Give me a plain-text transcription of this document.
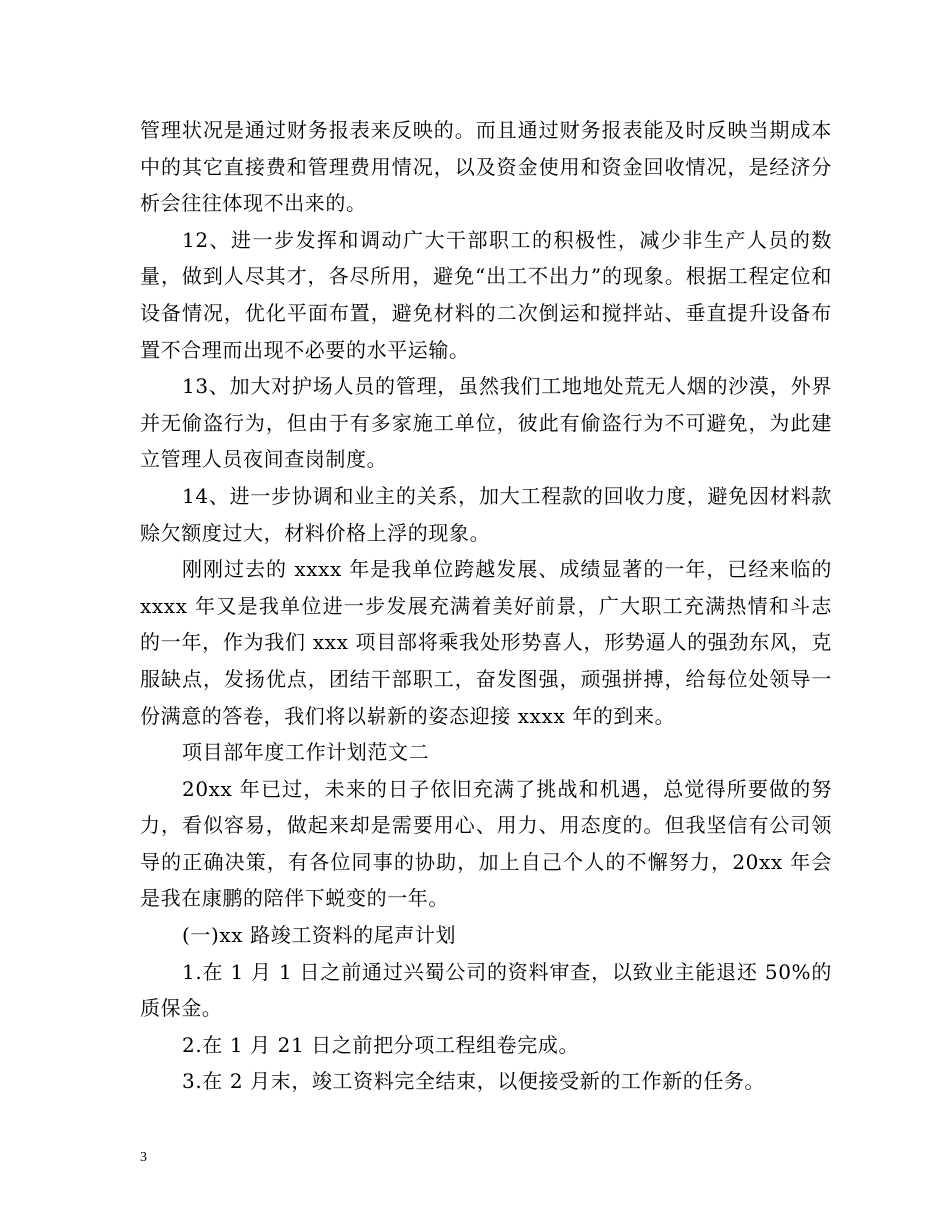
管理状况是通过财务报表来反映的。而且通过财务报表能及时反映当期成本中的其它直接费和管理费用情况，以及资金使用和资金回收情况，是经济分析会往往体现不出来的。

12、进一步发挥和调动广大干部职工的积极性，减少非生产人员的数量，做到人尽其才，各尽所用，避免“出工不出力”的现象。根据工程定位和设备情况，优化平面布置，避免材料的二次倒运和搅拌站、垂直提升设备布置不合理而出现不必要的水平运输。

13、加大对护场人员的管理，虽然我们工地地处荒无人烟的沙漠，外界并无偷盗行为，但由于有多家施工单位，彼此有偷盗行为不可避免，为此建立管理人员夜间查岗制度。

14、进一步协调和业主的关系，加大工程款的回收力度，避免因材料款赊欠额度过大，材料价格上浮的现象。

刚刚过去的 xxxx 年是我单位跨越发展、成绩显著的一年，已经来临的 xxxx 年又是我单位进一步发展充满着美好前景，广大职工充满热情和斗志的一年，作为我们 xxx 项目部将乘我处形势喜人，形势逼人的强劲东风，克服缺点，发扬优点，团结干部职工，奋发图强，顽强拼搏，给每位处领导一份满意的答卷，我们将以崭新的姿态迎接 xxxx 年的到来。

项目部年度工作计划范文二

20xx 年已过，未来的日子依旧充满了挑战和机遇，总觉得所要做的努力，看似容易，做起来却是需要用心、用力、用态度的。但我坚信有公司领导的正确决策，有各位同事的协助，加上自己个人的不懈努力，20xx 年会是我在康鹏的陪伴下蜕变的一年。

(一)xx 路竣工资料的尾声计划

1.在 1 月 1 日之前通过兴蜀公司的资料审查，以致业主能退还 50%的质保金。

2.在 1 月 21 日之前把分项工程组卷完成。

3.在 2 月末，竣工资料完全结束，以便接受新的工作新的任务。

3
